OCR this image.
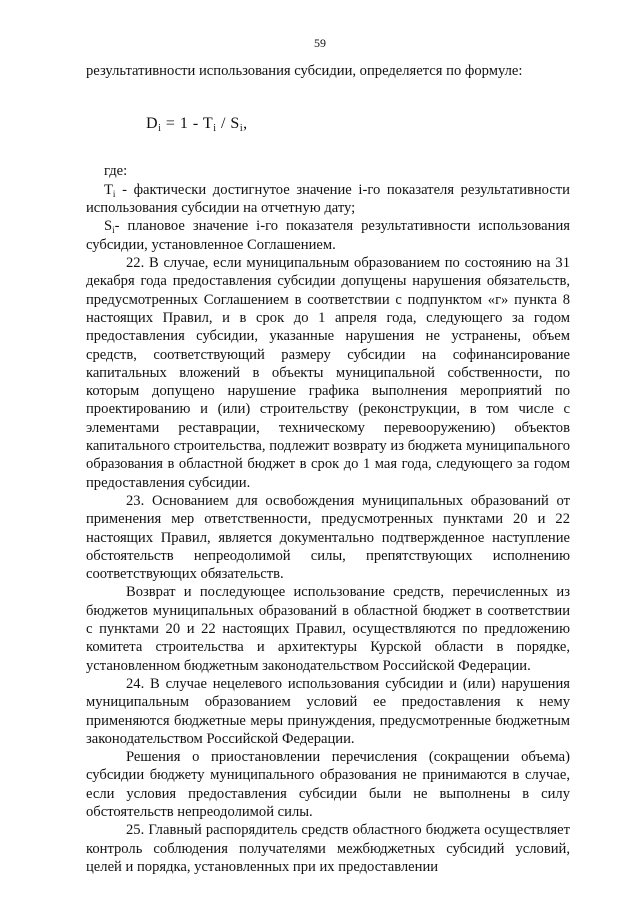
59

результативности использования субсидии, определяется по формуле:

$D_i = 1 - T_i / S_i$,

где:

$T_i$ - фактически достигнутое значение i-го показателя результативности использования субсидии на отчетную дату;

$S_i-$ плановое значение i-го показателя результативности использования субсидии, установленное Соглашением.

22. В случае, если муниципальным образованием по состоянию на 31 декабря года предоставления субсидии допущены нарушения обязательств, предусмотренных Соглашением в соответствии с подпунктом «г» пункта 8 настоящих Правил, и в срок до 1 апреля года, следующего за годом предоставления субсидии, указанные нарушения не устранены, объем средств, соответствующий размеру субсидии на софинансирование капитальных вложений в объекты муниципальной собственности, по которым допущено нарушение графика выполнения мероприятий по проектированию и (или) строительству (реконструкции, в том числе с элементами реставрации, техническому перевооружению) объектов капитального строительства, подлежит возврату из бюджета муниципального образования в областной бюджет в срок до 1 мая года, следующего за годом предоставления субсидии.

23. Основанием для освобождения муниципальных образований от применения мер ответственности, предусмотренных пунктами 20 и 22 настоящих Правил, является документально подтвержденное наступление обстоятельств непреодолимой силы, препятствующих исполнению соответствующих обязательств.

Возврат и последующее использование средств, перечисленных из бюджетов муниципальных образований в областной бюджет в соответствии с пунктами 20 и 22 настоящих Правил, осуществляются по предложению комитета строительства и архитектуры Курской области в порядке, установленном бюджетным законодательством Российской Федерации.

24. В случае нецелевого использования субсидии и (или) нарушения муниципальным образованием условий ее предоставления к нему применяются бюджетные меры принуждения, предусмотренные бюджетным законодательством Российской Федерации.

Решения о приостановлении перечисления (сокращении объема) субсидии бюджету муниципального образования не принимаются в случае, если условия предоставления субсидии были не выполнены в силу обстоятельств непреодолимой силы.

25. Главный распорядитель средств областного бюджета осуществляет контроль соблюдения получателями межбюджетных субсидий условий, целей и порядка, установленных при их предоставлении
